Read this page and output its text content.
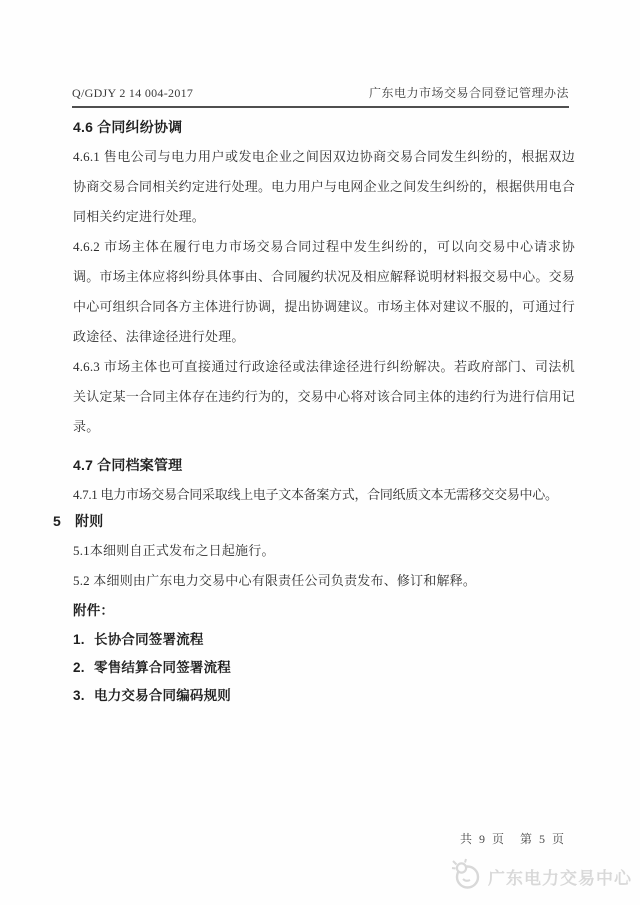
Q/GDJY 2 14 004-2017	广东电力市场交易合同登记管理办法

4.6 合同纠纷协调

4.6.1 售电公司与电力用户或发电企业之间因双边协商交易合同发生纠纷的，根据双边协商交易合同相关约定进行处理。电力用户与电网企业之间发生纠纷的，根据供用电合同相关约定进行处理。

4.6.2 市场主体在履行电力市场交易合同过程中发生纠纷的，可以向交易中心请求协调。市场主体应将纠纷具体事由、合同履约状况及相应解释说明材料报交易中心。交易中心可组织合同各方主体进行协调，提出协调建议。市场主体对建议不服的，可通过行政途径、法律途径进行处理。

4.6.3 市场主体也可直接通过行政途径或法律途径进行纠纷解决。若政府部门、司法机关认定某一合同主体存在违约行为的，交易中心将对该合同主体的违约行为进行信用记录。

4.7 合同档案管理

4.7.1 电力市场交易合同采取线上电子文本备案方式，合同纸质文本无需移交交易中心。

5 附则

5.1本细则自正式发布之日起施行。

5.2 本细则由广东电力交易中心有限责任公司负责发布、修订和解释。

附件：

1. 长协合同签署流程
2. 零售结算合同签署流程
3. 电力交易合同编码规则
共 9 页 第 5 页
广东电力交易中心
